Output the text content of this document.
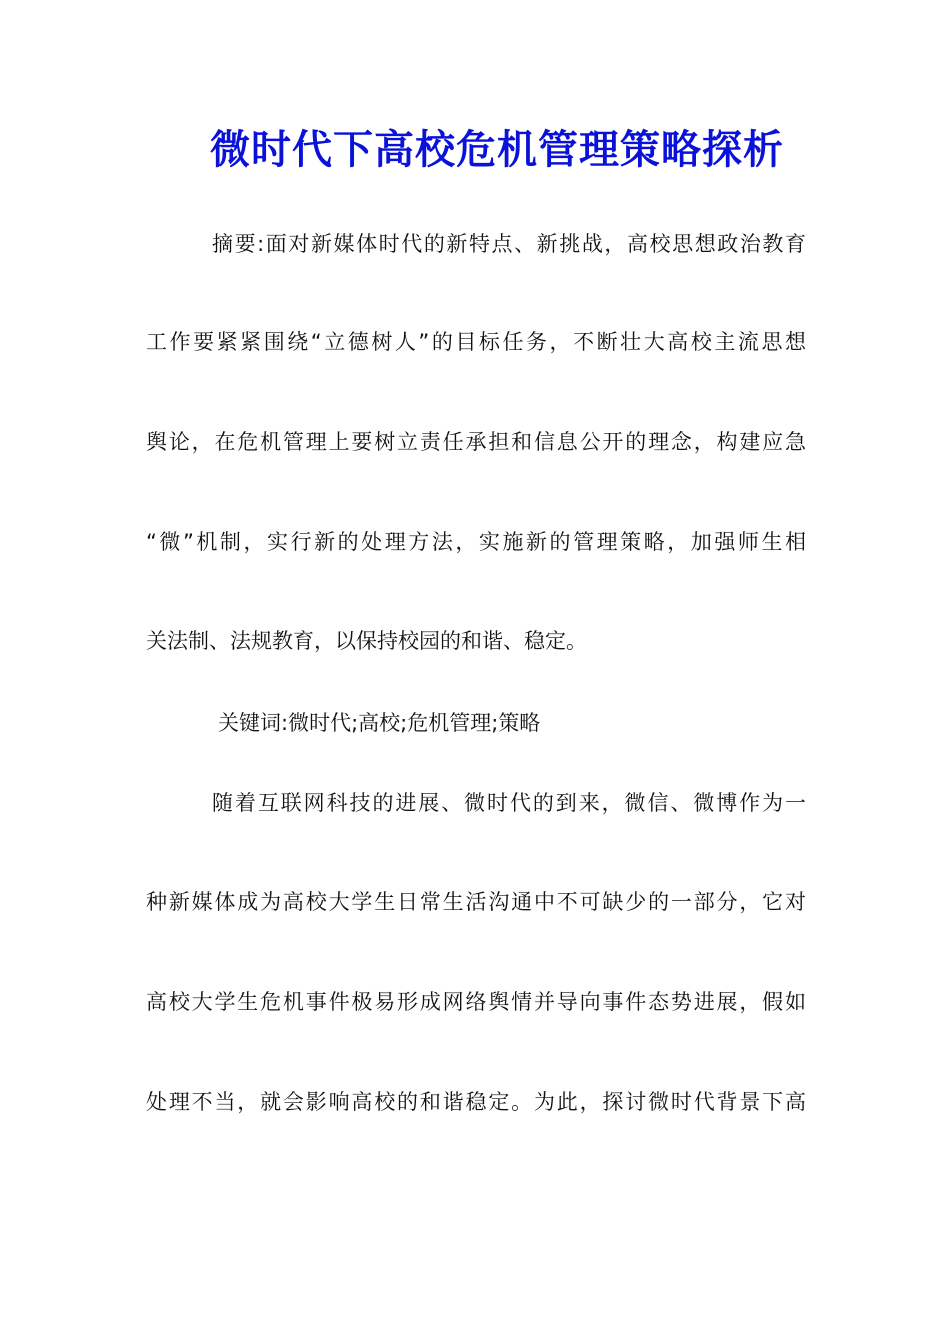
微时代下高校危机管理策略探析
摘要:面对新媒体时代的新特点、新挑战，高校思想政治教育
工作要紧紧围绕“立德树人”的目标任务，不断壮大高校主流思想
舆论，在危机管理上要树立责任承担和信息公开的理念，构建应急
“微”机制，实行新的处理方法，实施新的管理策略，加强师生相
关法制、法规教育，以保持校园的和谐、稳定。
关键词:微时代;高校;危机管理;策略
随着互联网科技的进展、微时代的到来，微信、微博作为一
种新媒体成为高校大学生日常生活沟通中不可缺少的一部分，它对
高校大学生危机事件极易形成网络舆情并导向事件态势进展，假如
处理不当，就会影响高校的和谐稳定。为此，探讨微时代背景下高
